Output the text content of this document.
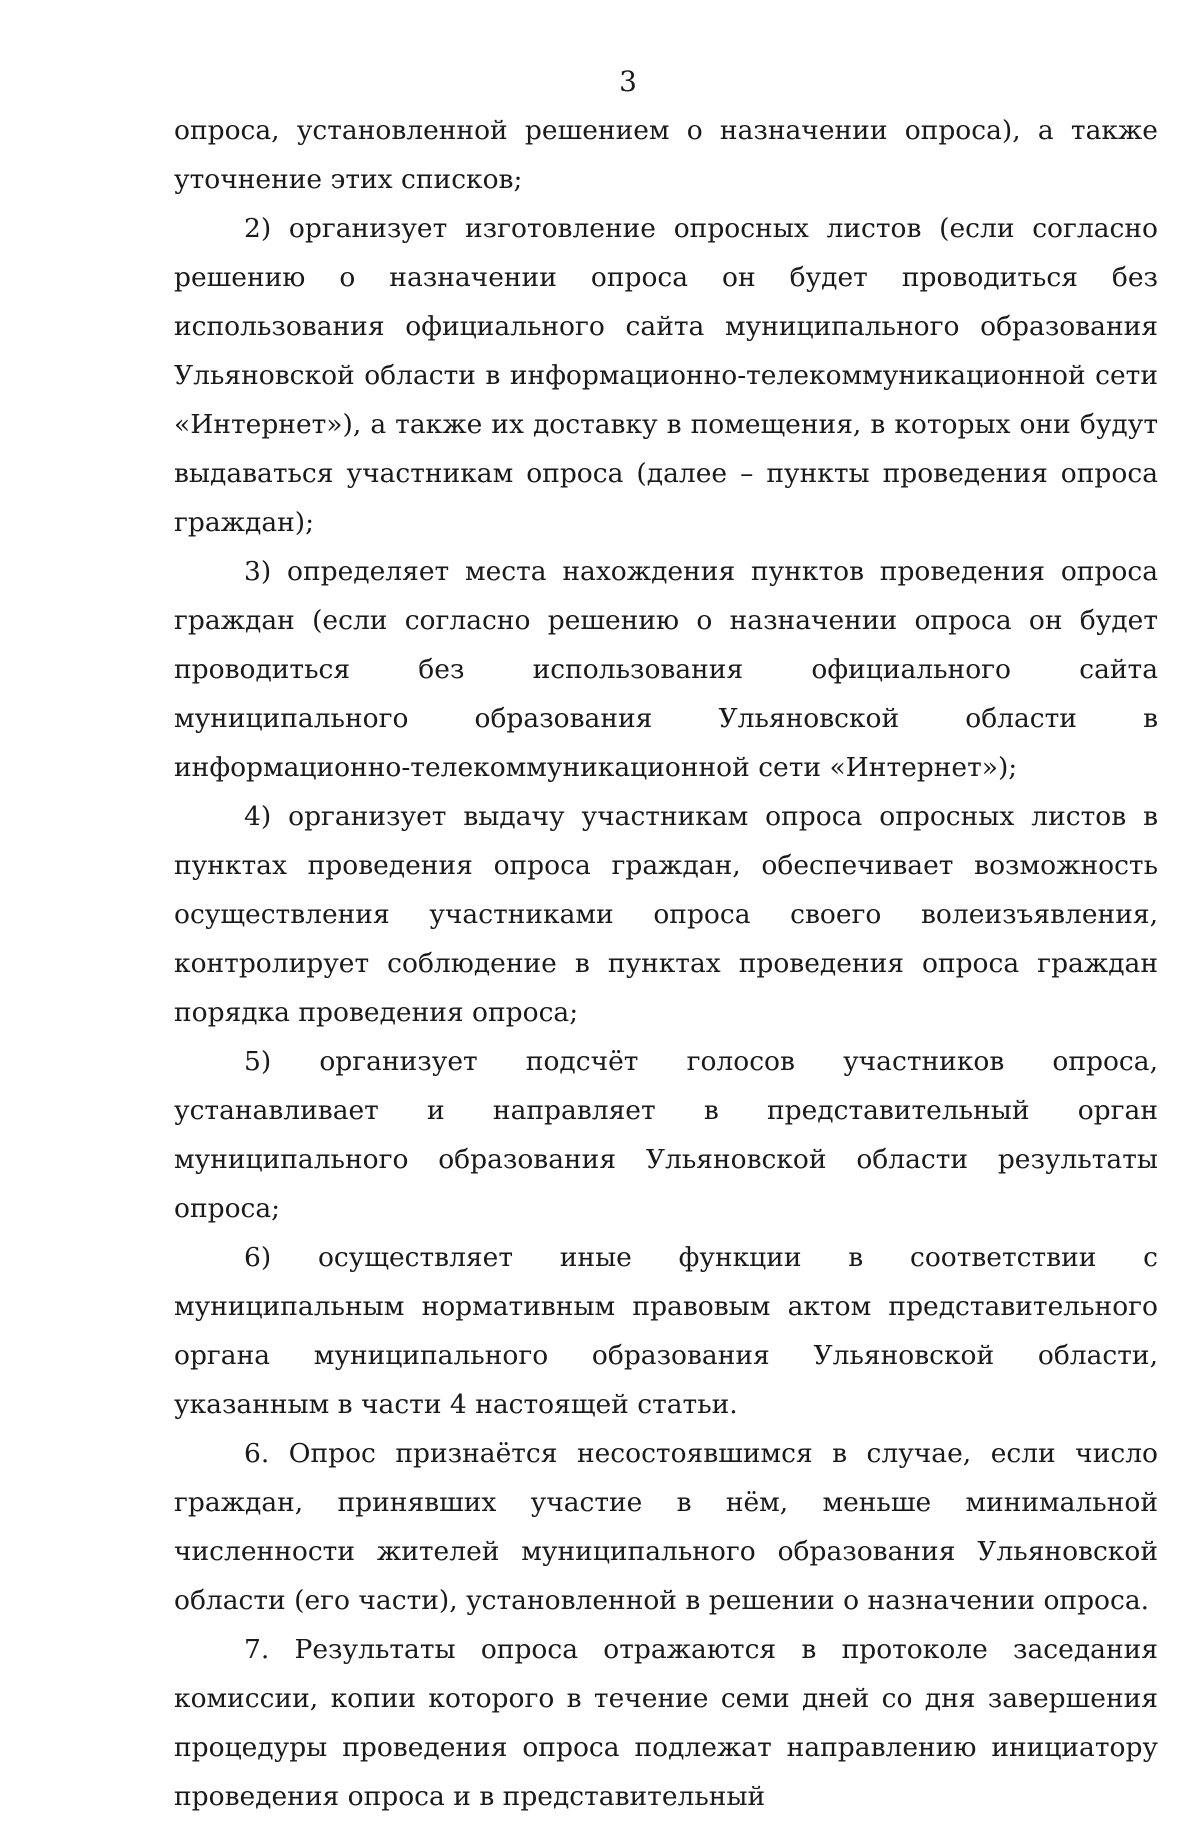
3

опроса, установленной решением о назначении опроса), а также уточнение этих списков;

2) организует изготовление опросных листов (если согласно решению о назначении опроса он будет проводиться без использования официального сайта муниципального образования Ульяновской области в информационно-телекоммуникационной сети «Интернет»), а также их доставку в помещения, в которых они будут выдаваться участникам опроса (далее – пункты проведения опроса граждан);

3) определяет места нахождения пунктов проведения опроса граждан (если согласно решению о назначении опроса он будет проводиться без использования официального сайта муниципального образования Ульяновской области в информационно-телекоммуникационной сети «Интернет»);

4) организует выдачу участникам опроса опросных листов в пунктах проведения опроса граждан, обеспечивает возможность осуществления участниками опроса своего волеизъявления, контролирует соблюдение в пунктах проведения опроса граждан порядка проведения опроса;

5) организует подсчёт голосов участников опроса, устанавливает и направляет в представительный орган муниципального образования Ульяновской области результаты опроса;

6) осуществляет иные функции в соответствии с муниципальным нормативным правовым актом представительного органа муниципального образования Ульяновской области, указанным в части 4 настоящей статьи.

6. Опрос признаётся несостоявшимся в случае, если число граждан, принявших участие в нём, меньше минимальной численности жителей муниципального образования Ульяновской области (его части), установленной в решении о назначении опроса.

7. Результаты опроса отражаются в протоколе заседания комиссии, копии которого в течение семи дней со дня завершения процедуры проведения опроса подлежат направлению инициатору проведения опроса и в представительный
